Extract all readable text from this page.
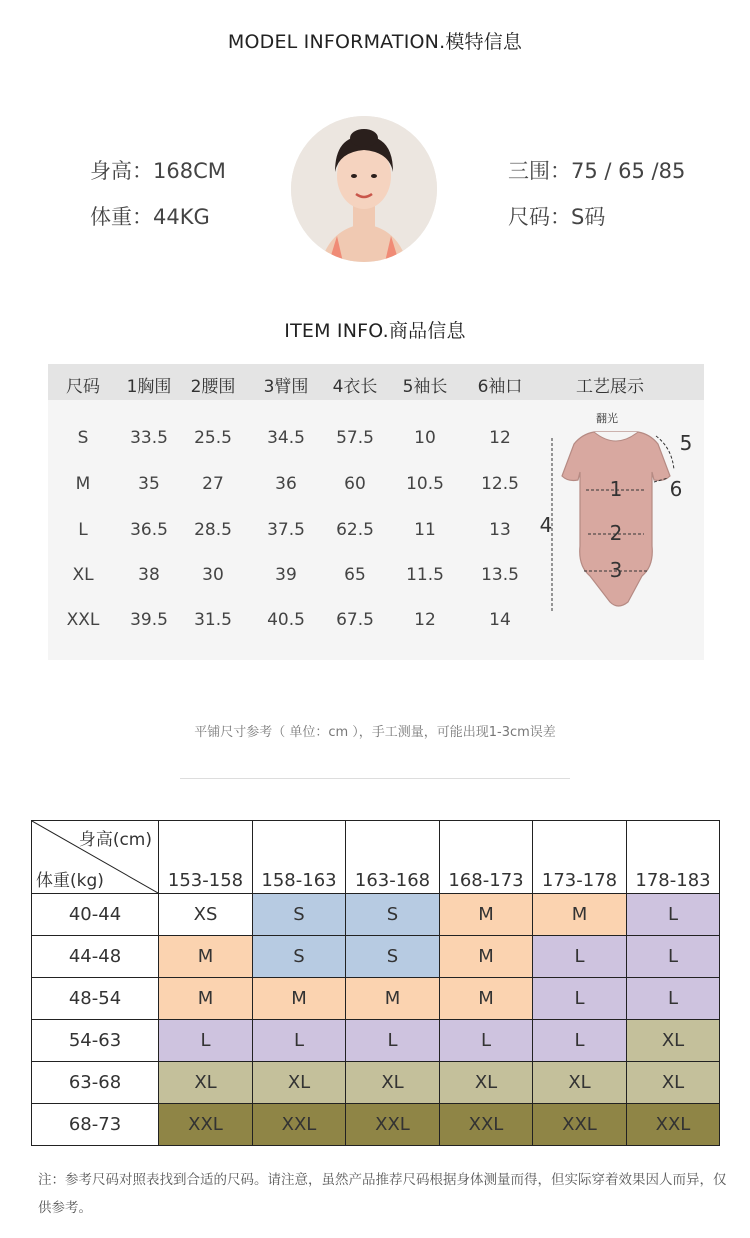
MODEL INFORMATION.模特信息
身高：168CM
体重：44KG
三围：75 / 65 /85
尺码：S码
ITEM INFO.商品信息
尺码 1胸围 2腰围 3臂围 4衣长 5袖长 6袖口	工艺展示
S 33.5 25.5 34.5 57.5 10	12
M	35 27	36	60 10.5 12.5
L 36.5 28.5 37.5 62.5 11	13
XL	38 30	39	65 11.5 13.5
XXL 39.5 31.5 40.5 67.5 12	14
翻光
1
2
3
4
5
6
平铺尺寸参考（ 单位：cm ），手工测量，可能出现1-3cm误差
身高(cm)
体重(kg)	153-158	158-163	163-168	168-173	173-178	178-183
40-44	XS	S	S	M	M	L
44-48	M	S	S	M	L	L
48-54	M	M	M	M	L	L
54-63	L	L	L	L	L	XL
63-68	XL	XL	XL	XL	XL	XL
68-73	XXL	XXL	XXL	XXL	XXL	XXL
注：参考尺码对照表找到合适的尺码。请注意，虽然产品推荐尺码根据身体测量而得，但实际穿着效果因人而异，仅供参考。
